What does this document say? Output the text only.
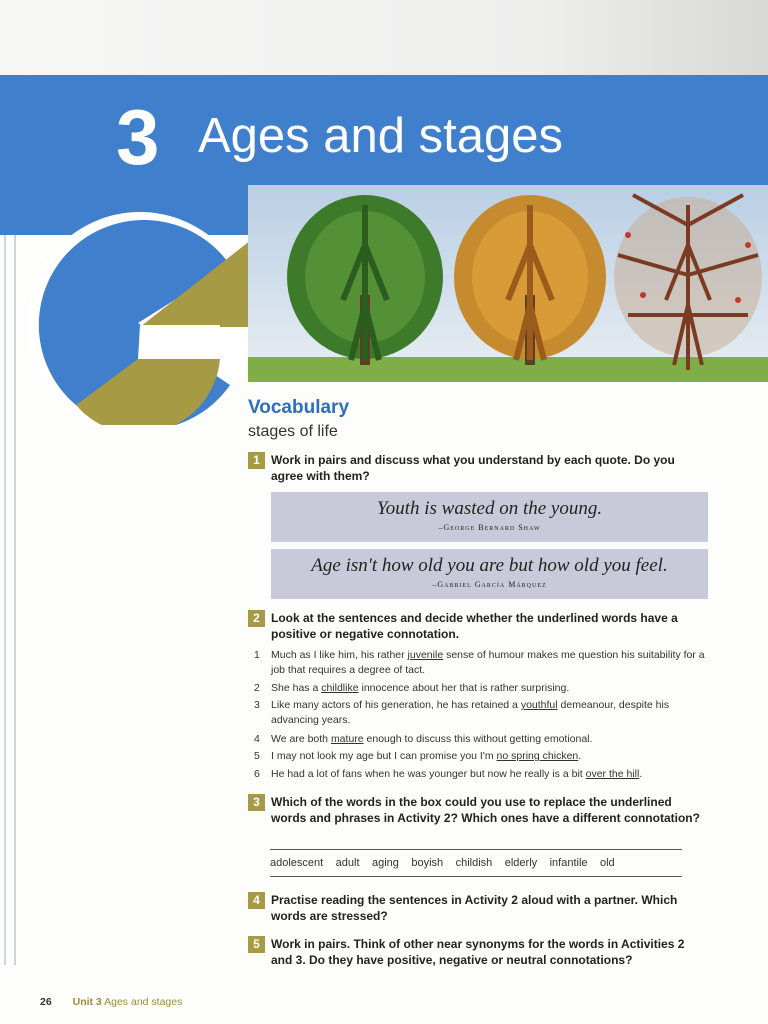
3 Ages and stages
Vocabulary
stages of life
1 Work in pairs and discuss what you understand by each quote. Do you agree with them?
Youth is wasted on the young.
–George Bernard Shaw
Age isn't how old you are but how old you feel.
–Gabriel García Márquez
2 Look at the sentences and decide whether the underlined words have a positive or negative connotation.
1	Much as I like him, his rather juvenile sense of humour makes me question his suitability for a job that requires a degree of tact.
2	She has a childlike innocence about her that is rather surprising.
3	Like many actors of his generation, he has retained a youthful demeanour, despite his advancing years.
4	We are both mature enough to discuss this without getting emotional.
5	I may not look my age but I can promise you I'm no spring chicken.
6	He had a lot of fans when he was younger but now he really is a bit over the hill.
3 Which of the words in the box could you use to replace the underlined words and phrases in Activity 2? Which ones have a different connotation?
adolescent adult aging boyish childish elderly infantile old
4 Practise reading the sentences in Activity 2 aloud with a partner. Which words are stressed?
5 Work in pairs. Think of other near synonyms for the words in Activities 2 and 3. Do they have positive, negative or neutral connotations?
26 Unit 3 Ages and stages
